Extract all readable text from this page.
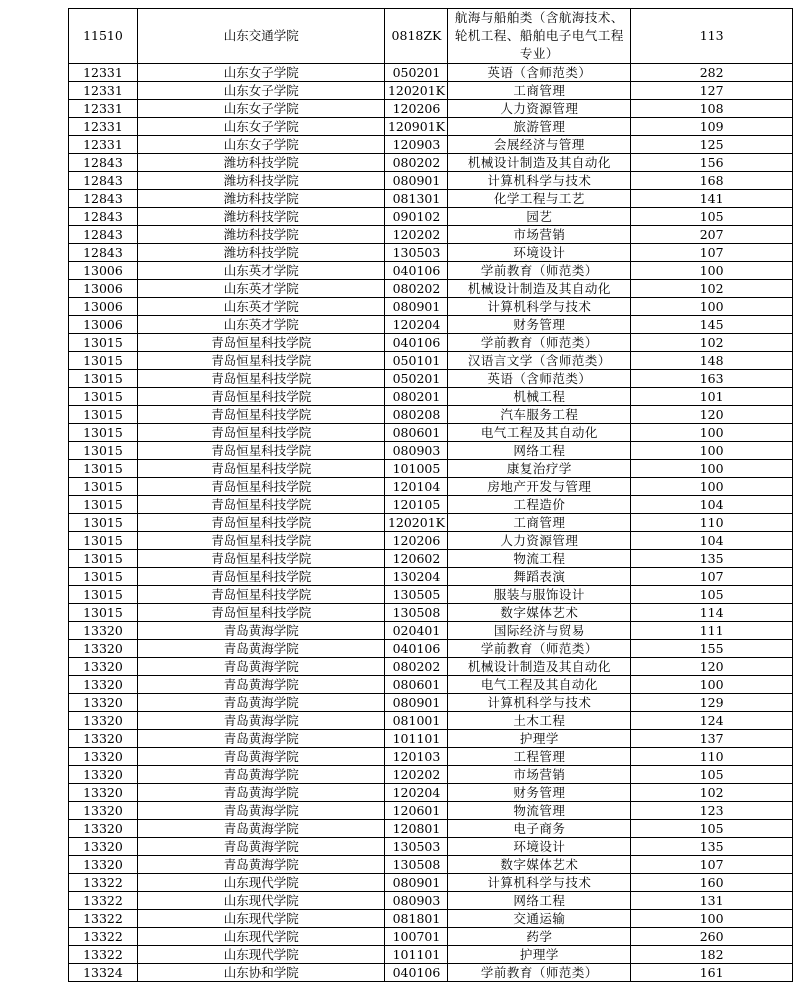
11510	山东交通学院	0818ZK	航海与船舶类（含航海技术、轮机工程、船舶电子电气工程专业）	113
12331	山东女子学院	050201	英语（含师范类）	282
12331	山东女子学院	120201K	工商管理	127
12331	山东女子学院	120206	人力资源管理	108
12331	山东女子学院	120901K	旅游管理	109
12331	山东女子学院	120903	会展经济与管理	125
12843	潍坊科技学院	080202	机械设计制造及其自动化	156
12843	潍坊科技学院	080901	计算机科学与技术	168
12843	潍坊科技学院	081301	化学工程与工艺	141
12843	潍坊科技学院	090102	园艺	105
12843	潍坊科技学院	120202	市场营销	207
12843	潍坊科技学院	130503	环境设计	107
13006	山东英才学院	040106	学前教育（师范类）	100
13006	山东英才学院	080202	机械设计制造及其自动化	102
13006	山东英才学院	080901	计算机科学与技术	100
13006	山东英才学院	120204	财务管理	145
13015	青岛恒星科技学院	040106	学前教育（师范类）	102
13015	青岛恒星科技学院	050101	汉语言文学（含师范类）	148
13015	青岛恒星科技学院	050201	英语（含师范类）	163
13015	青岛恒星科技学院	080201	机械工程	101
13015	青岛恒星科技学院	080208	汽车服务工程	120
13015	青岛恒星科技学院	080601	电气工程及其自动化	100
13015	青岛恒星科技学院	080903	网络工程	100
13015	青岛恒星科技学院	101005	康复治疗学	100
13015	青岛恒星科技学院	120104	房地产开发与管理	100
13015	青岛恒星科技学院	120105	工程造价	104
13015	青岛恒星科技学院	120201K	工商管理	110
13015	青岛恒星科技学院	120206	人力资源管理	104
13015	青岛恒星科技学院	120602	物流工程	135
13015	青岛恒星科技学院	130204	舞蹈表演	107
13015	青岛恒星科技学院	130505	服装与服饰设计	105
13015	青岛恒星科技学院	130508	数字媒体艺术	114
13320	青岛黄海学院	020401	国际经济与贸易	111
13320	青岛黄海学院	040106	学前教育（师范类）	155
13320	青岛黄海学院	080202	机械设计制造及其自动化	120
13320	青岛黄海学院	080601	电气工程及其自动化	100
13320	青岛黄海学院	080901	计算机科学与技术	129
13320	青岛黄海学院	081001	土木工程	124
13320	青岛黄海学院	101101	护理学	137
13320	青岛黄海学院	120103	工程管理	110
13320	青岛黄海学院	120202	市场营销	105
13320	青岛黄海学院	120204	财务管理	102
13320	青岛黄海学院	120601	物流管理	123
13320	青岛黄海学院	120801	电子商务	105
13320	青岛黄海学院	130503	环境设计	135
13320	青岛黄海学院	130508	数字媒体艺术	107
13322	山东现代学院	080901	计算机科学与技术	160
13322	山东现代学院	080903	网络工程	131
13322	山东现代学院	081801	交通运输	100
13322	山东现代学院	100701	药学	260
13322	山东现代学院	101101	护理学	182
13324	山东协和学院	040106	学前教育（师范类）	161
